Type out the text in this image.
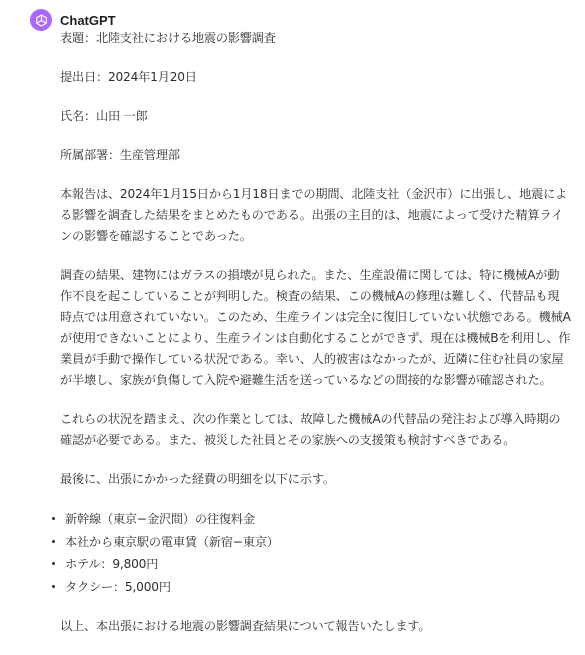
ChatGPT

表題：北陸支社における地震の影響調査

提出日：2024年1月20日

氏名：山田 一郎

所属部署：生産管理部

本報告は、2024年1月15日から1月18日までの期間、北陸支社（金沢市）に出張し、地震による影響を調査した結果をまとめたものである。出張の主目的は、地震によって受けた精算ラインの影響を確認することであった。

調査の結果、建物にはガラスの損壊が見られた。また、生産設備に関しては、特に機械Aが動作不良を起こしていることが判明した。検査の結果、この機械Aの修理は難しく、代替品も現時点では用意されていない。このため、生産ラインは完全に復旧していない状態である。機械Aが使用できないことにより、生産ラインは自動化することができず、現在は機械Bを利用し、作業員が手動で操作している状況である。幸い、人的被害はなかったが、近隣に住む社員の家屋が半壊し、家族が負傷して入院や避難生活を送っているなどの間接的な影響が確認された。

これらの状況を踏まえ、次の作業としては、故障した機械Aの代替品の発注および導入時期の確認が必要である。また、被災した社員とその家族への支援策も検討すべきである。

最後に、出張にかかった経費の明細を以下に示す。

新幹線（東京−金沢間）の往復料金
本社から東京駅の電車賃（新宿−東京）
ホテル：9,800円
タクシー：5,000円

以上、本出張における地震の影響調査結果について報告いたします。
